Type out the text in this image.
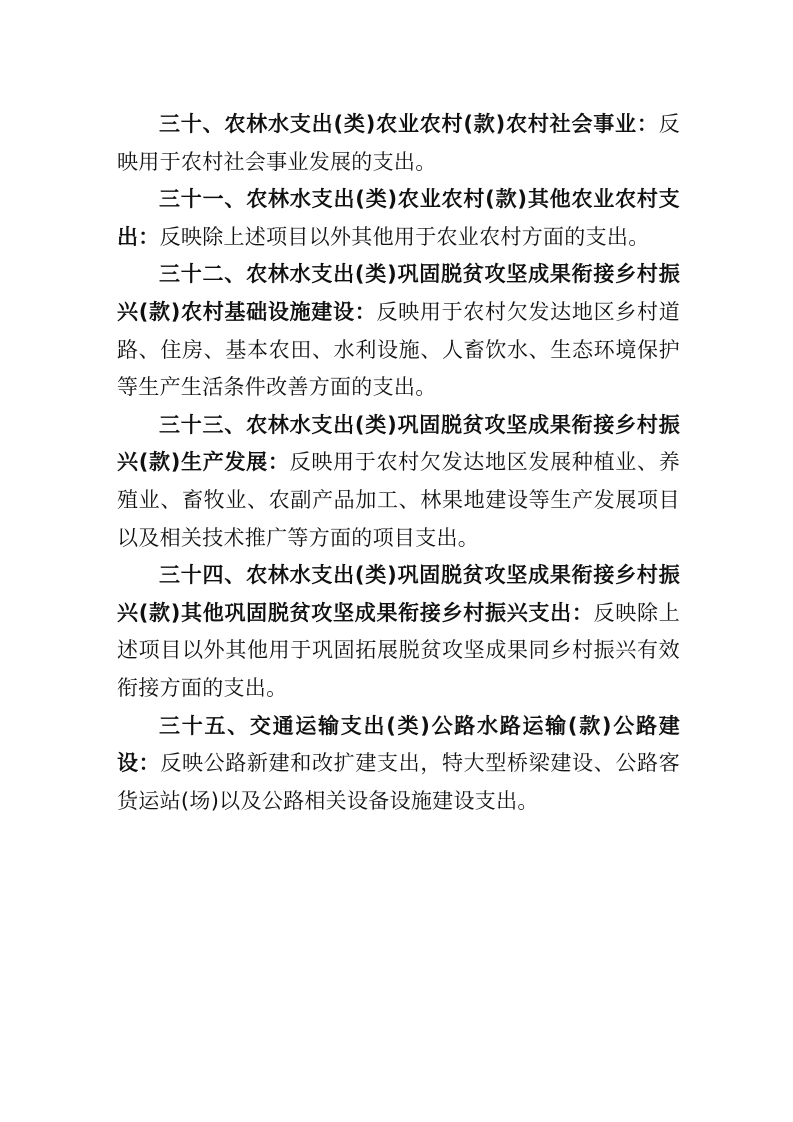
三十、农林水支出(类)农业农村(款)农村社会事业：反映用于农村社会事业发展的支出。

三十一、农林水支出(类)农业农村(款)其他农业农村支出：反映除上述项目以外其他用于农业农村方面的支出。

三十二、农林水支出(类)巩固脱贫攻坚成果衔接乡村振兴(款)农村基础设施建设：反映用于农村欠发达地区乡村道路、住房、基本农田、水利设施、人畜饮水、生态环境保护等生产生活条件改善方面的支出。

三十三、农林水支出(类)巩固脱贫攻坚成果衔接乡村振兴(款)生产发展：反映用于农村欠发达地区发展种植业、养殖业、畜牧业、农副产品加工、林果地建设等生产发展项目以及相关技术推广等方面的项目支出。

三十四、农林水支出(类)巩固脱贫攻坚成果衔接乡村振兴(款)其他巩固脱贫攻坚成果衔接乡村振兴支出：反映除上述项目以外其他用于巩固拓展脱贫攻坚成果同乡村振兴有效衔接方面的支出。

三十五、交通运输支出(类)公路水路运输(款)公路建设：反映公路新建和改扩建支出，特大型桥梁建设、公路客货运站(场)以及公路相关设备设施建设支出。
